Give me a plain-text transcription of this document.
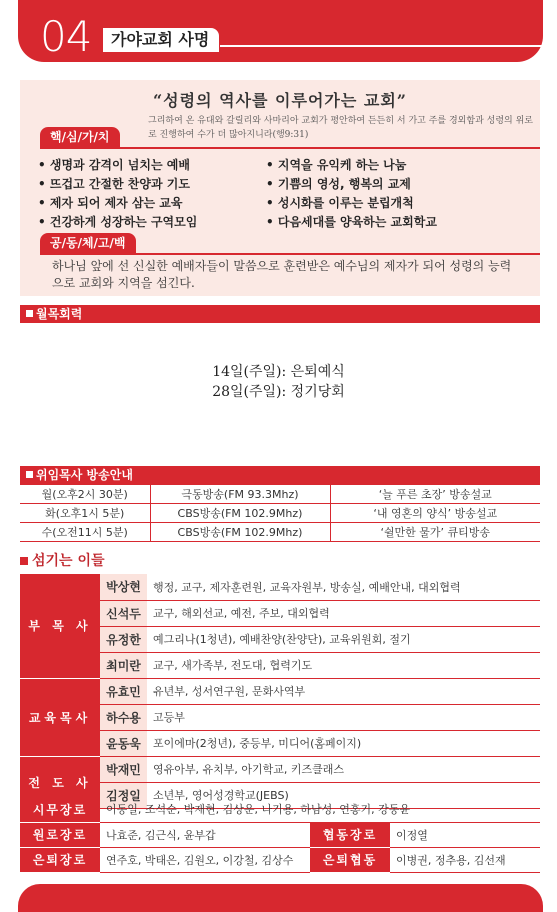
04	가야교회 사명
“성령의 역사를 이루어가는 교회”
그리하여 온 유대와 갈릴리와 사마리아 교회가 평안하여 든든히 서 가고 주를 경외함과 성령의 위로로 진행하여 수가 더 많아지니라(행9:31)
핵/심/가/치
• 생명과 감격이 넘치는 예배
• 뜨겁고 간절한 찬양과 기도
• 제자 되어 제자 삼는 교육
• 건강하게 성장하는 구역모임
• 지역을 유익케 하는 나눔
• 기쁨의 영성, 행복의 교제
• 성시화를 이루는 분립개척
• 다음세대를 양육하는 교회학교
공/동/체/고/백
하나님 앞에 선 신실한 예배자들이 말씀으로 훈련받은 예수님의 제자가 되어 성령의 능력으로 교회와 지역을 섬긴다.
월목회력
14일(주일): 은퇴예식
28일(주일): 정기당회
위임목사 방송안내
월(오후2시 30분)	극동방송(FM 93.3Mhz)	‘늘 푸른 초장’ 방송설교
화(오후1시 5분)	CBS방송(FM 102.9Mhz)	‘내 영혼의 양식’ 방송설교
수(오전11시 5분)	CBS방송(FM 102.9Mhz)	‘쉴만한 물가’ 큐티방송
섬기는 이들
부 목 사	박상현	행정, 교구, 제자훈련원, 교육자원부, 방송실, 예배안내, 대외협력
	신석두	교구, 해외선교, 예전, 주보, 대외협력
	유정한	예그리나(1청년), 예배찬양(찬양단), 교육위원회, 절기
	최미란	교구, 새가족부, 전도대, 협력기도
교육목사	유효민	유년부, 성서연구원, 문화사역부
	하수용	고등부
	윤동욱	포이에마(2청년), 중등부, 미디어(홈페이지)
전 도 사	박재민	영유아부, 유치부, 아기학교, 키즈클래스
	김정일	소년부, 영어성경학교(JEBS)
시무장로	이동일, 조석순, 박재현, 김상운, 나기용, 하남성, 연홍기, 강동윤		
원로장로	나효준, 김근식, 윤부갑	협동장로	이정열
은퇴장로	연주호, 박태은, 김원오, 이강철, 김상수	은퇴협동	이병권, 정추용, 김선재
